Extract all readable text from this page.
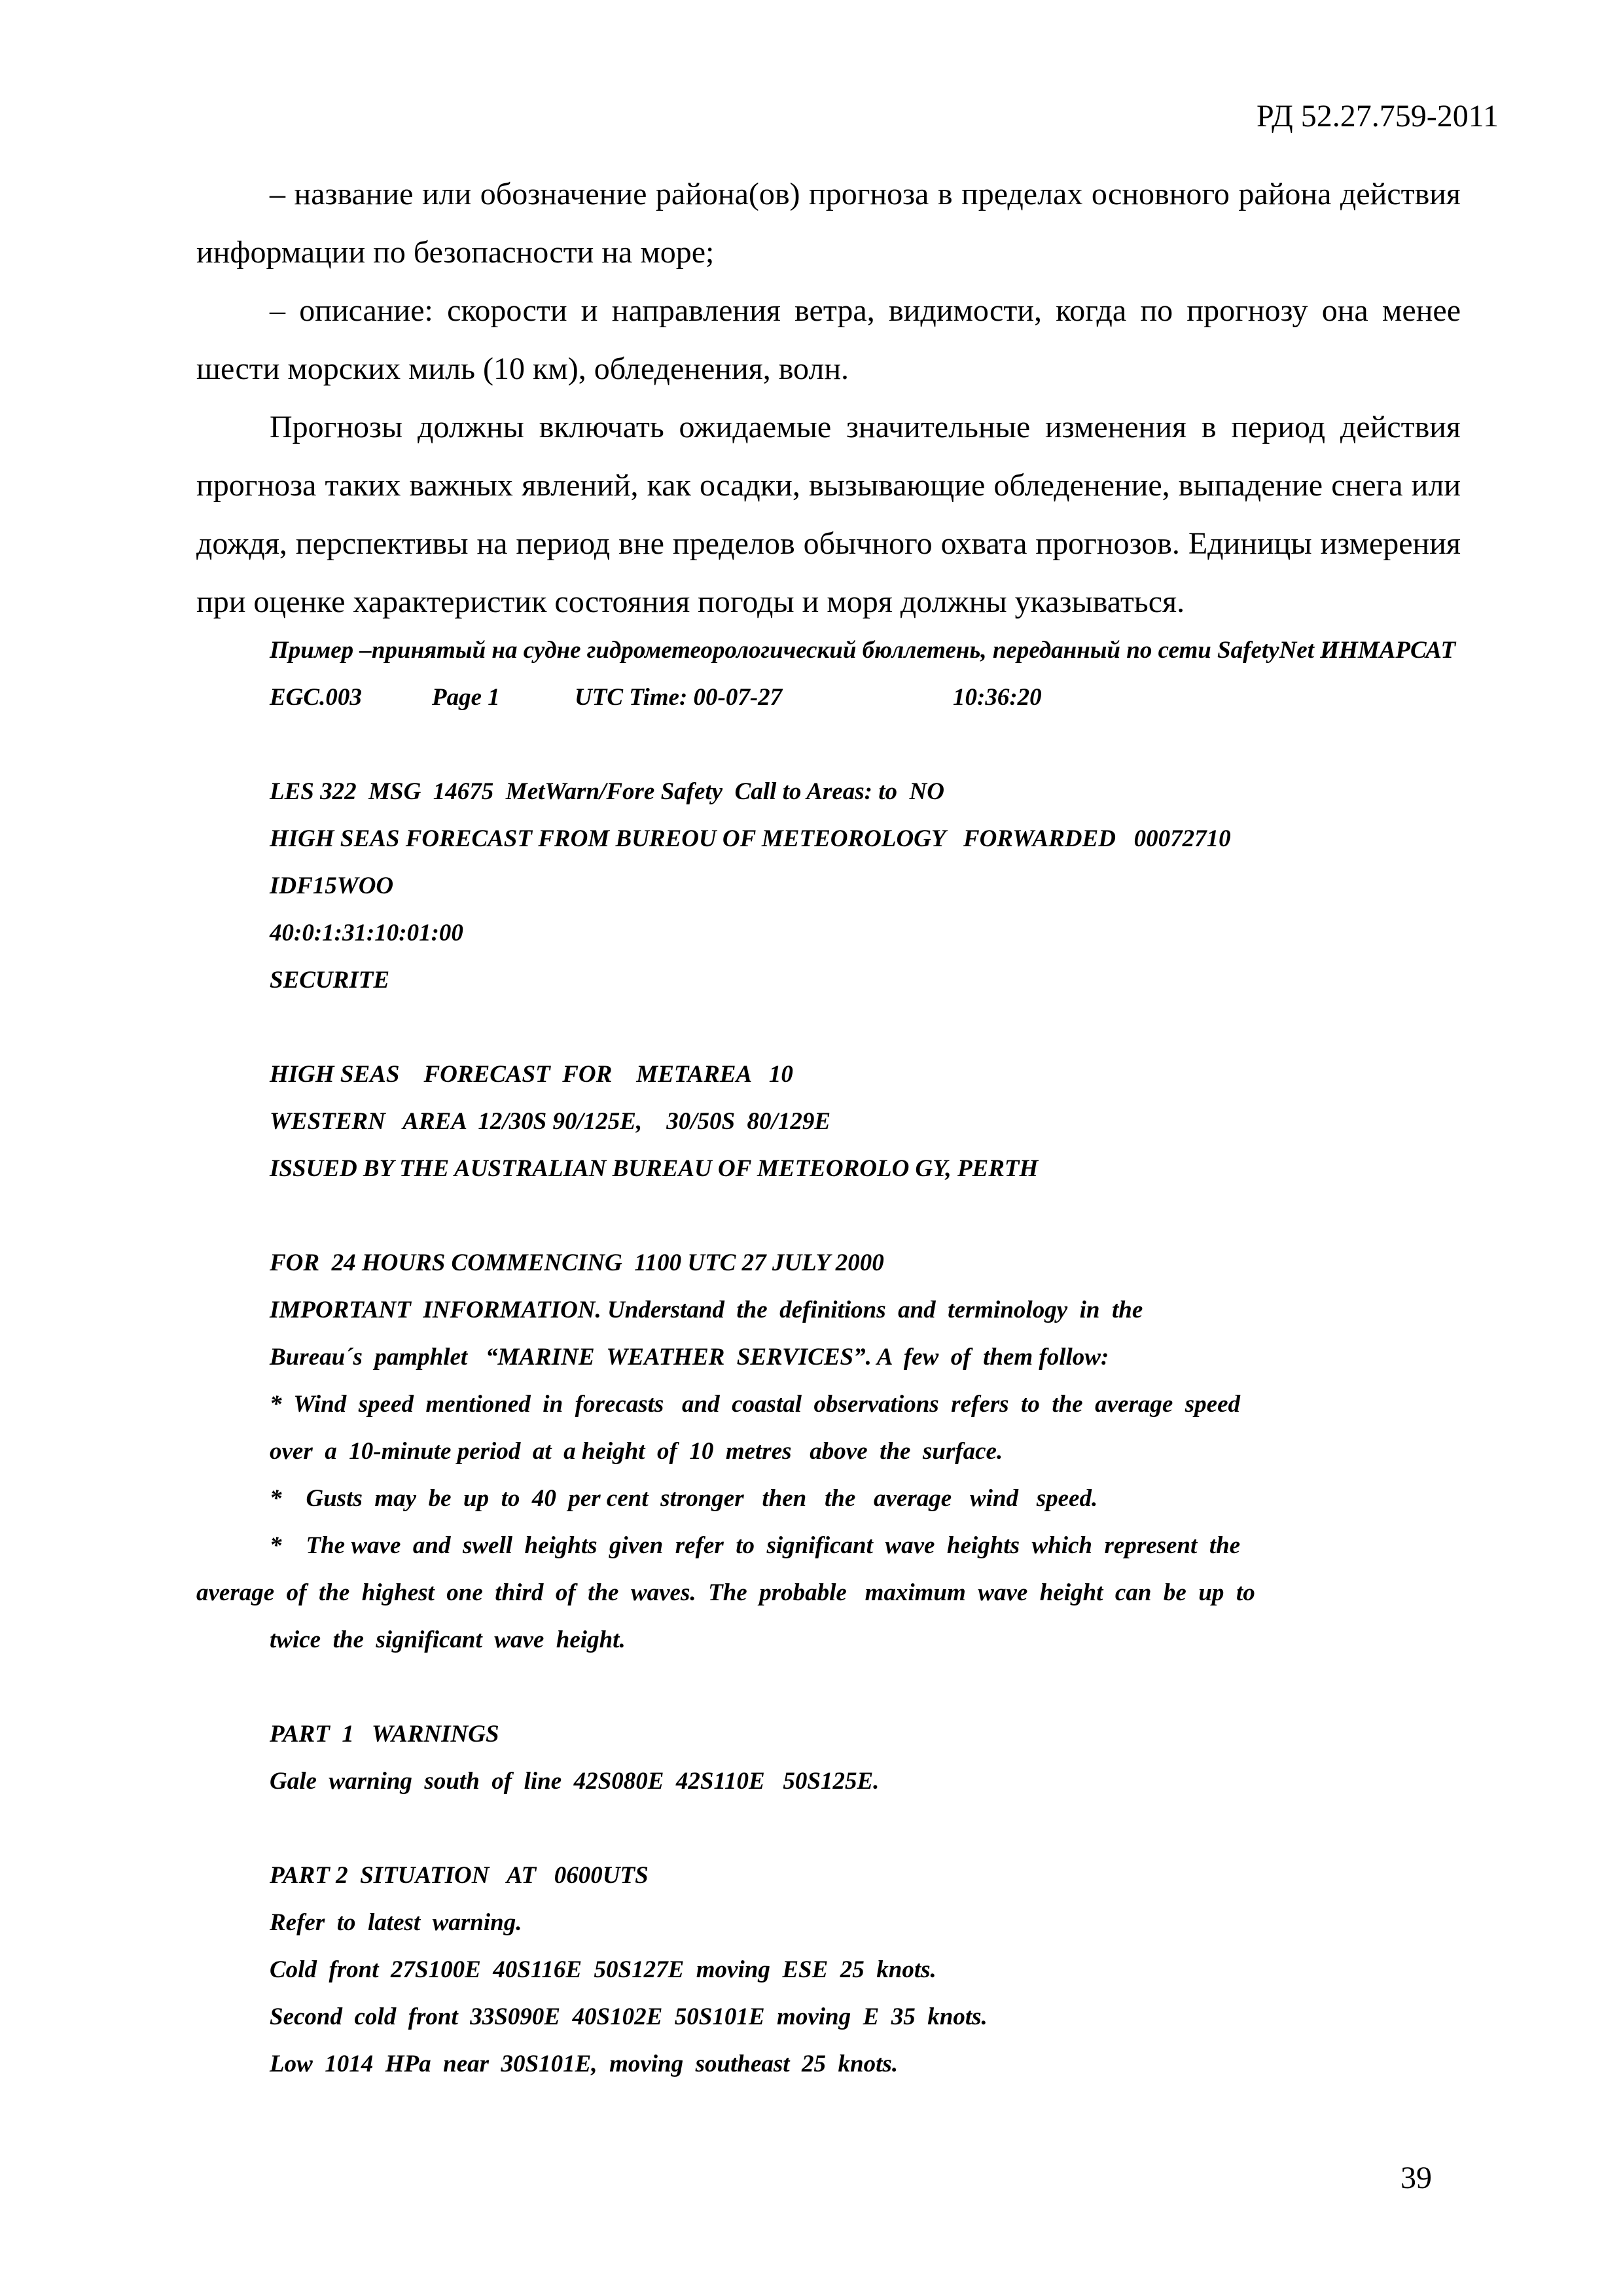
РД 52.27.759-2011

– название или обозначение района(ов) прогноза в пределах основного района действия информации по безопасности на море;

– описание: скорости и направления ветра, видимости, когда по прогнозу она менее шести морских миль (10 км), обледенения, волн.

Прогнозы должны включать ожидаемые значительные изменения в период действия прогноза таких важных явлений, как осадки, вызывающие обледенение, выпадение снега или дождя, перспективы на период вне пределов обычного охвата прогнозов. Единицы измерения при оценке характеристик состояния погоды и моря должны указываться.

Пример –принятый на судне гидрометеорологический бюллетень, переданный по сети SafetyNet ИНМАРСАТ
EGC.003	Page 1	UTC Time: 00-07-27	10:36:20

LES 322  MSG  14675  MetWarn/Fore Safety  Call to Areas: to  NO

HIGH SEAS FORECAST FROM BUREOU OF METEOROLOGY   FORWARDED   00072710

IDF15WOO

40:0:1:31:10:01:00

SECURITE

HIGH SEAS    FORECAST  FOR    METAREA   10

WESTERN   AREA  12/30S 90/125E,    30/50S  80/129E

ISSUED BY THE AUSTRALIAN BUREAU OF METEOROLO GY, PERTH

FOR  24 HOURS COMMENCING  1100 UTC 27 JULY 2000

IMPORTANT  INFORMATION. Understand  the  definitions  and  terminology  in  the

Bureau´s  pamphlet   “MARINE  WEATHER  SERVICES”. A  few  of  them follow:

*  Wind  speed  mentioned  in  forecasts   and  coastal  observations  refers  to  the  average  speed

over  a  10-minute period  at  a height  of  10  metres   above  the  surface.

*    Gusts  may  be  up  to  40  per cent  stronger   then   the   average   wind   speed.

*    The wave  and  swell  heights  given  refer  to  significant  wave  heights  which  represent  the

average  of  the  highest  one  third  of  the  waves.  The  probable   maximum  wave  height  can  be  up  to

twice  the  significant  wave  height.

PART  1   WARNINGS

Gale  warning  south  of  line  42S080E  42S110E   50S125E.

PART 2  SITUATION   AT   0600UTS

Refer  to  latest  warning.

Cold  front  27S100E  40S116E  50S127E  moving  ESE  25  knots.

Second  cold  front  33S090E  40S102E  50S101E  moving  E  35  knots.

Low  1014  HPa  near  30S101E,  moving  southeast  25  knots.

39
